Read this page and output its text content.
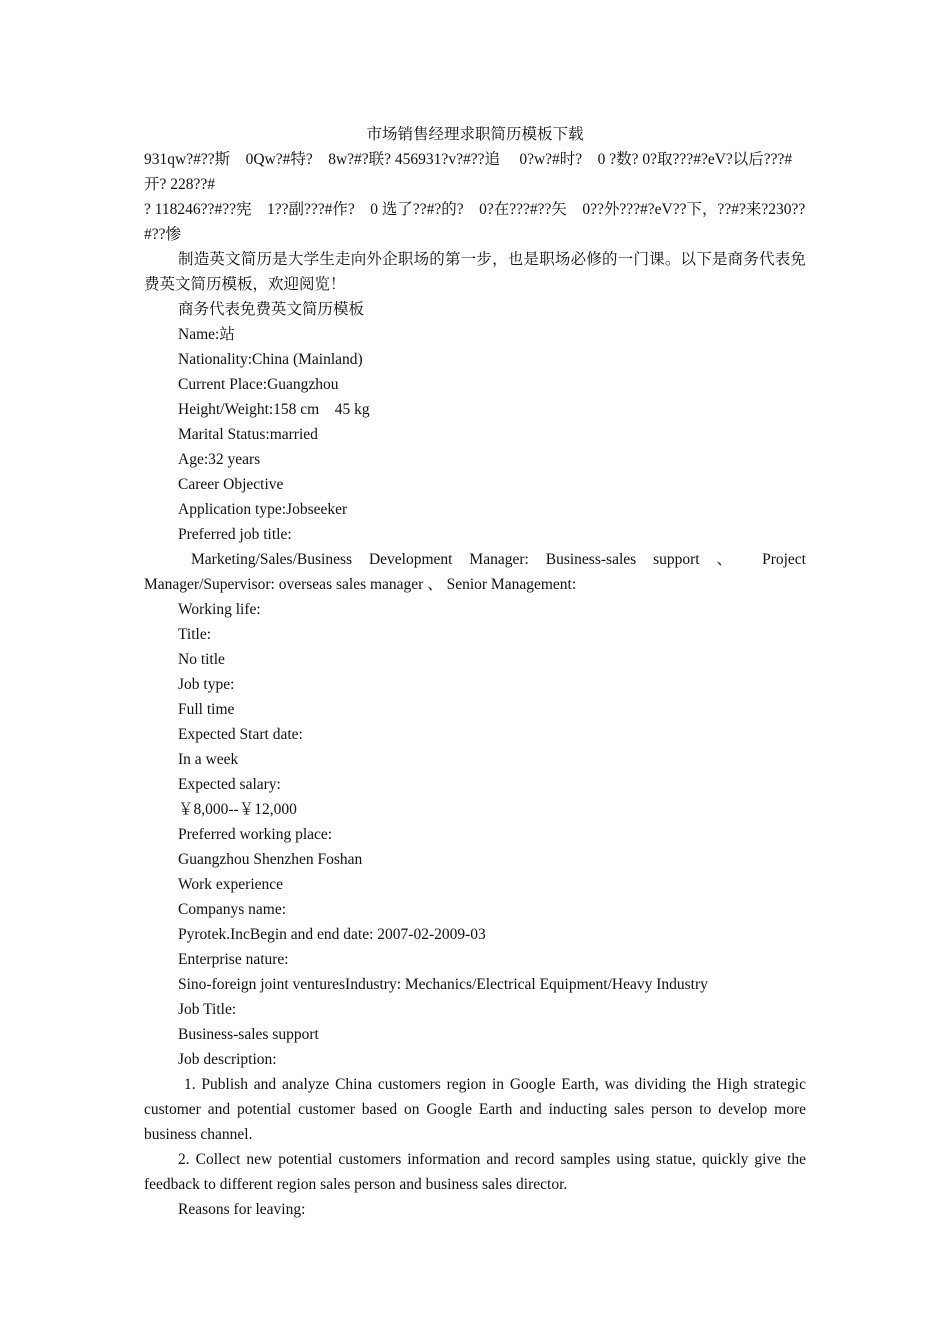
市场销售经理求职简历模板下载

931qw?#??斯　0Qw?#特?　8w?#?联? 456931?v?#??追　 0?w?#时?　0 ?数? 0?取???#?eV?以后???#开? 228??#

? 118246??#??宪　1??副???#作?　0 选了??#?的?　0?在???#??矢　0??外???#?eV??下，??#?来?230??#??惨

制造英文简历是大学生走向外企职场的第一步，也是职场必修的一门课。以下是商务代表免费英文简历模板，欢迎阅览！

商务代表免费英文简历模板

Name:站

Nationality:China (Mainland)

Current Place:Guangzhou

Height/Weight:158 cm　45 kg

Marital Status:married

Age:32 years

Career Objective

Application type:Jobseeker

Preferred job title:

Marketing/Sales/Business Development Manager: Business-sales support 、 Project Manager/Supervisor: overseas sales manager 、 Senior Management:

Working life:

Title:

No title

Job type:

Full time

Expected Start date:

In a week

Expected salary:

￥8,000--￥12,000

Preferred working place:

Guangzhou Shenzhen Foshan

Work experience

Companys name:

Pyrotek.IncBegin and end date: 2007-02-2009-03

Enterprise nature:

Sino-foreign joint venturesIndustry: Mechanics/Electrical Equipment/Heavy Industry

Job Title:

Business-sales support

Job description:

1. Publish and analyze China customers region in Google Earth, was dividing the High strategic customer and potential customer based on Google Earth and inducting sales person to develop more business channel.

2. Collect new potential customers information and record samples using statue, quickly give the feedback to different region sales person and business sales director.

Reasons for leaving:
